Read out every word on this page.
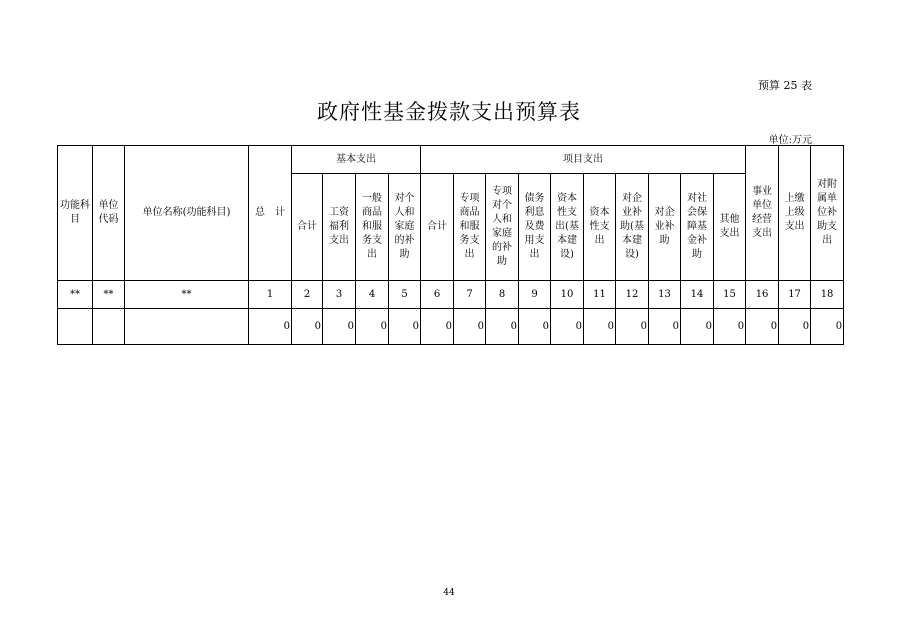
预算 25 表
政府性基金拨款支出预算表
单位:万元
功能科目	单位代码	单位名称(功能科目)	总　计	基本支出				项目支出										事业单位经营支出	上缴上级支出	对附属单位补助支出
				合计	工资福利支出	一般商品和服务支出	对个人和家庭的补助	合计	专项商品和服务支出	专项对个人和家庭的补助	债务利息及费用支出	资本性支出(基本建设)	资本性支出	对企业补助(基本建设)	对企业补助	对社会保障基金补助	其他支出			
**	**	**	1	2	3	4	5	6	7	8	9	10	11	12	13	14	15	16	17	18
			0	0	0	0	0	0	0	0	0	0	0	0	0	0	0	0	0	0
44
